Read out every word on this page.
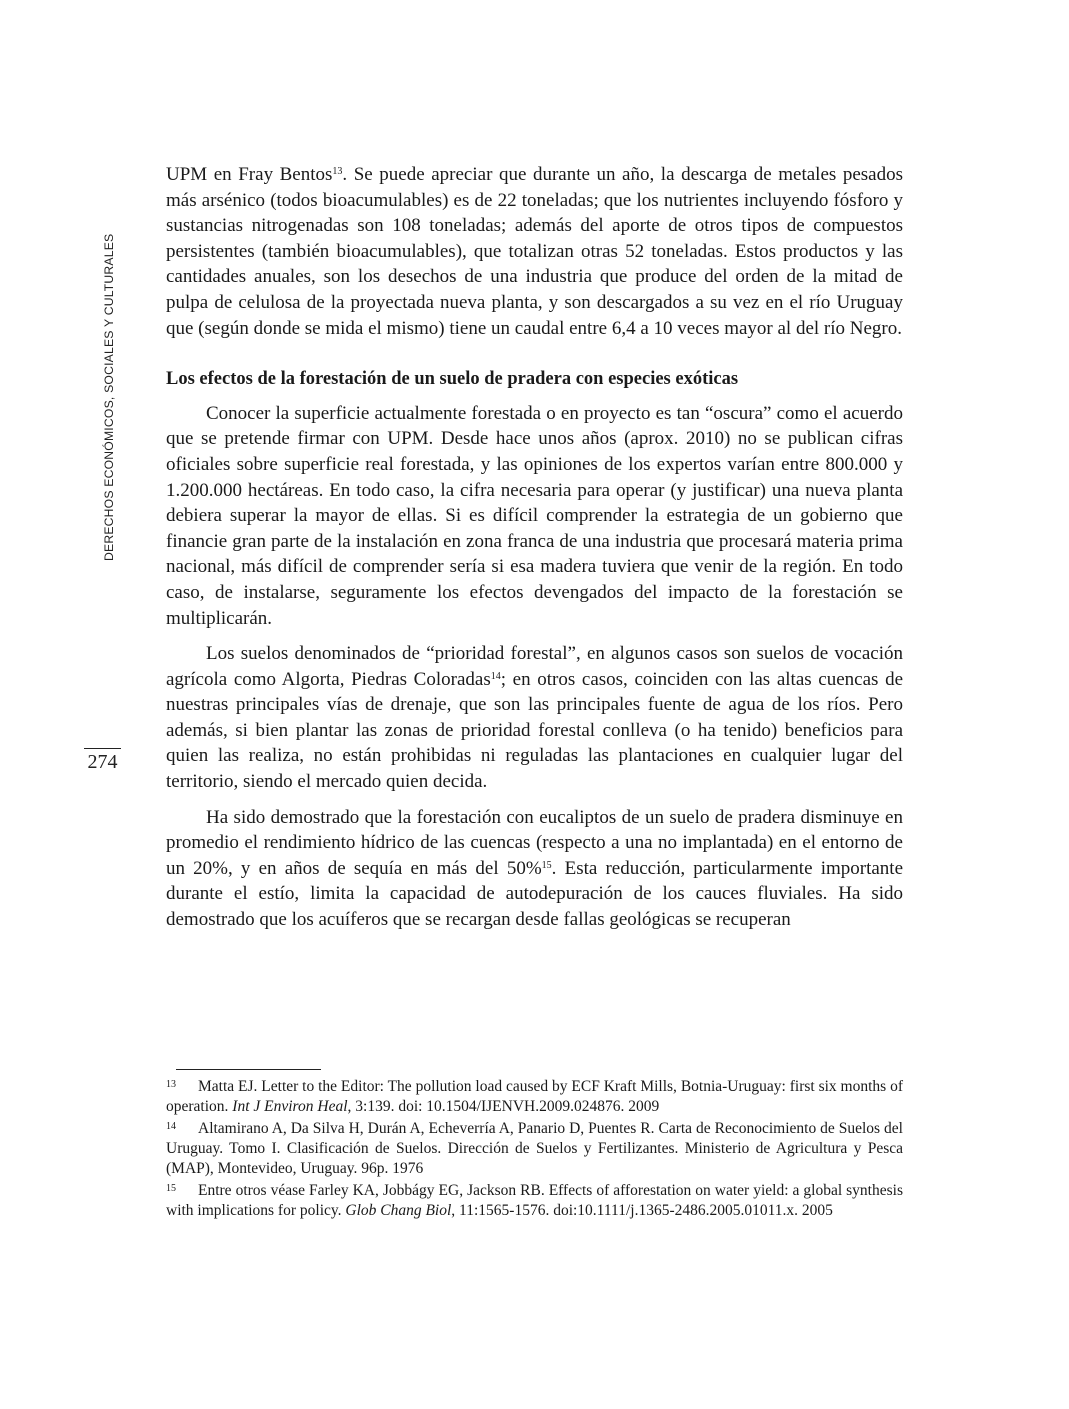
DERECHOS ECONÓMICOS, SOCIALES Y CULTURALES
274

UPM en Fray Bentos$^{13}$. Se puede apreciar que durante un año, la descarga de metales pesados más arsénico (todos bioacumulables) es de 22 toneladas; que los nutrientes incluyendo fósforo y sustancias nitrogenadas son 108 toneladas; además del aporte de otros tipos de compuestos persistentes (también bioacumulables), que totalizan otras 52 toneladas. Estos productos y las cantidades anuales, son los desechos de una industria que produce del orden de la mitad de pulpa de celulosa de la proyectada nueva planta, y son descargados a su vez en el río Uruguay que (según donde se mida el mismo) tiene un caudal entre 6,4 a 10 veces mayor al del río Negro.

Los efectos de la forestación de un suelo de pradera con especies exóticas

Conocer la superficie actualmente forestada o en proyecto es tan “oscura” como el acuerdo que se pretende firmar con UPM. Desde hace unos años (aprox. 2010) no se publican cifras oficiales sobre superficie real forestada, y las opiniones de los expertos varían entre 800.000 y 1.200.000 hectáreas. En todo caso, la cifra necesaria para operar (y justificar) una nueva planta debiera superar la mayor de ellas. Si es difícil comprender la estrategia de un gobierno que financie gran parte de la instalación en zona franca de una industria que procesará materia prima nacional, más difícil de comprender sería si esa madera tuviera que venir de la región. En todo caso, de instalarse, seguramente los efectos devengados del impacto de la forestación se multiplicarán.

Los suelos denominados de “prioridad forestal”, en algunos casos son suelos de vocación agrícola como Algorta, Piedras Coloradas$^{14}$; en otros casos, coinciden con las altas cuencas de nuestras principales vías de drenaje, que son las principales fuente de agua de los ríos. Pero además, si bien plantar las zonas de prioridad forestal conlleva (o ha tenido) beneficios para quien las realiza, no están prohibidas ni reguladas las plantaciones en cualquier lugar del territorio, siendo el mercado quien decida.

Ha sido demostrado que la forestación con eucaliptos de un suelo de pradera disminuye en promedio el rendimiento hídrico de las cuencas (respecto a una no implantada) en el entorno de un 20%, y en años de sequía en más del 50%$^{15}$. Esta reducción, particularmente importante durante el estío, limita la capacidad de autodepuración de los cauces fluviales. Ha sido demostrado que los acuíferos que se recargan desde fallas geológicas se recuperan

13 Matta EJ. Letter to the Editor: The pollution load caused by ECF Kraft Mills, Botnia-Uruguay: first six months of operation. Int J Environ Heal, 3:139. doi: 10.1504/IJENVH.2009.024876. 2009

14 Altamirano A, Da Silva H, Durán A, Echeverría A, Panario D, Puentes R. Carta de Reconocimiento de Suelos del Uruguay. Tomo I. Clasificación de Suelos. Dirección de Suelos y Fertilizantes. Ministerio de Agricultura y Pesca (MAP), Montevideo, Uruguay. 96p. 1976

15 Entre otros véase Farley KA, Jobbágy EG, Jackson RB. Effects of afforestation on water yield: a global synthesis with implications for policy. Glob Chang Biol, 11:1565-1576. doi:10.1111/j.1365-2486.2005.01011.x. 2005
